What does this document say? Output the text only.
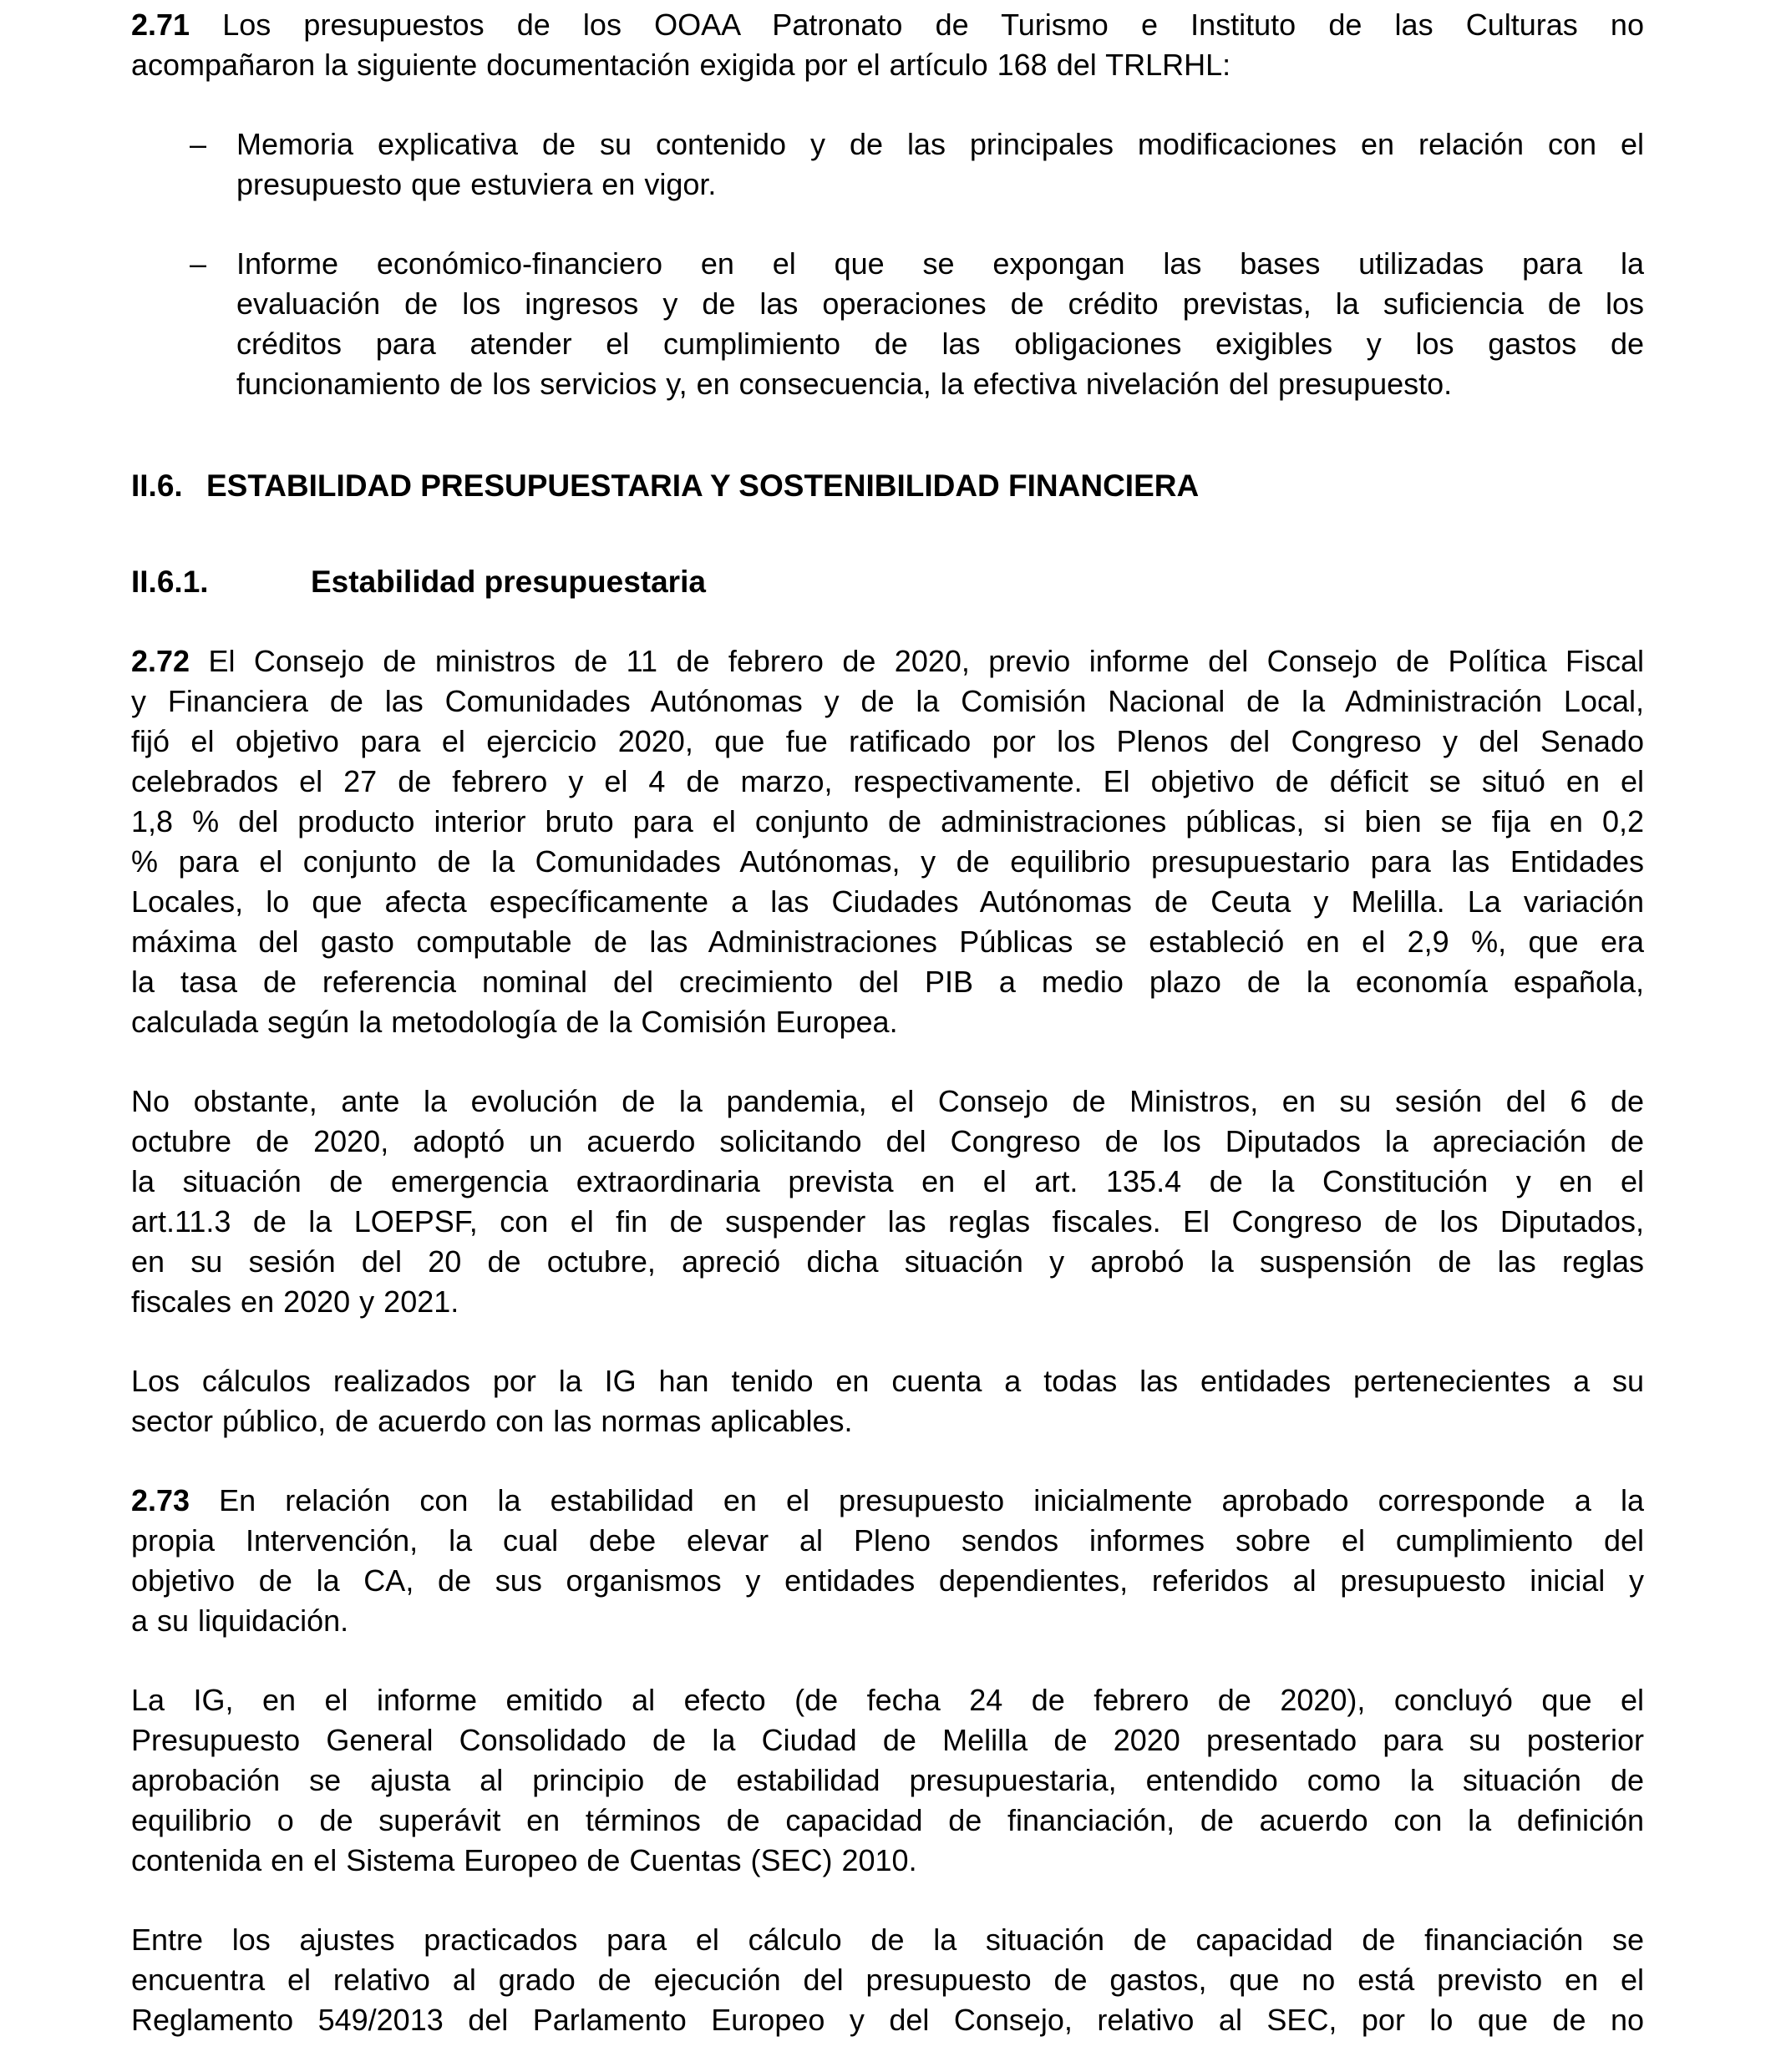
2.71 Los presupuestos de los OOAA Patronato de Turismo e Instituto de las Culturas no
acompañaron la siguiente documentación exigida por el artículo 168 del TRLRHL:
– Memoria explicativa de su contenido y de las principales modificaciones en relación con el
presupuesto que estuviera en vigor.
– Informe económico-financiero en el que se expongan las bases utilizadas para la
evaluación de los ingresos y de las operaciones de crédito previstas, la suficiencia de los
créditos para atender el cumplimiento de las obligaciones exigibles y los gastos de
funcionamiento de los servicios y, en consecuencia, la efectiva nivelación del presupuesto.
II.6. ESTABILIDAD PRESUPUESTARIA Y SOSTENIBILIDAD FINANCIERA
II.6.1.	Estabilidad presupuestaria
2.72 El Consejo de ministros de 11 de febrero de 2020, previo informe del Consejo de Política Fiscal
y Financiera de las Comunidades Autónomas y de la Comisión Nacional de la Administración Local,
fijó el objetivo para el ejercicio 2020, que fue ratificado por los Plenos del Congreso y del Senado
celebrados el 27 de febrero y el 4 de marzo, respectivamente. El objetivo de déficit se situó en el
1,8 % del producto interior bruto para el conjunto de administraciones públicas, si bien se fija en 0,2
% para el conjunto de la Comunidades Autónomas, y de equilibrio presupuestario para las Entidades
Locales, lo que afecta específicamente a las Ciudades Autónomas de Ceuta y Melilla. La variación
máxima del gasto computable de las Administraciones Públicas se estableció en el 2,9 %, que era
la tasa de referencia nominal del crecimiento del PIB a medio plazo de la economía española,
calculada según la metodología de la Comisión Europea.
No obstante, ante la evolución de la pandemia, el Consejo de Ministros, en su sesión del 6 de
octubre de 2020, adoptó un acuerdo solicitando del Congreso de los Diputados la apreciación de
la situación de emergencia extraordinaria prevista en el art. 135.4 de la Constitución y en el
art.11.3 de la LOEPSF, con el fin de suspender las reglas fiscales. El Congreso de los Diputados,
en su sesión del 20 de octubre, apreció dicha situación y aprobó la suspensión de las reglas
fiscales en 2020 y 2021.
Los cálculos realizados por la IG han tenido en cuenta a todas las entidades pertenecientes a su
sector público, de acuerdo con las normas aplicables.
2.73 En relación con la estabilidad en el presupuesto inicialmente aprobado corresponde a la
propia Intervención, la cual debe elevar al Pleno sendos informes sobre el cumplimiento del
objetivo de la CA, de sus organismos y entidades dependientes, referidos al presupuesto inicial y
a su liquidación.
La IG, en el informe emitido al efecto (de fecha 24 de febrero de 2020), concluyó que el
Presupuesto General Consolidado de la Ciudad de Melilla de 2020 presentado para su posterior
aprobación se ajusta al principio de estabilidad presupuestaria, entendido como la situación de
equilibrio o de superávit en términos de capacidad de financiación, de acuerdo con la definición
contenida en el Sistema Europeo de Cuentas (SEC) 2010.
Entre los ajustes practicados para el cálculo de la situación de capacidad de financiación se
encuentra el relativo al grado de ejecución del presupuesto de gastos, que no está previsto en el
Reglamento 549/2013 del Parlamento Europeo y del Consejo, relativo al SEC, por lo que de no
